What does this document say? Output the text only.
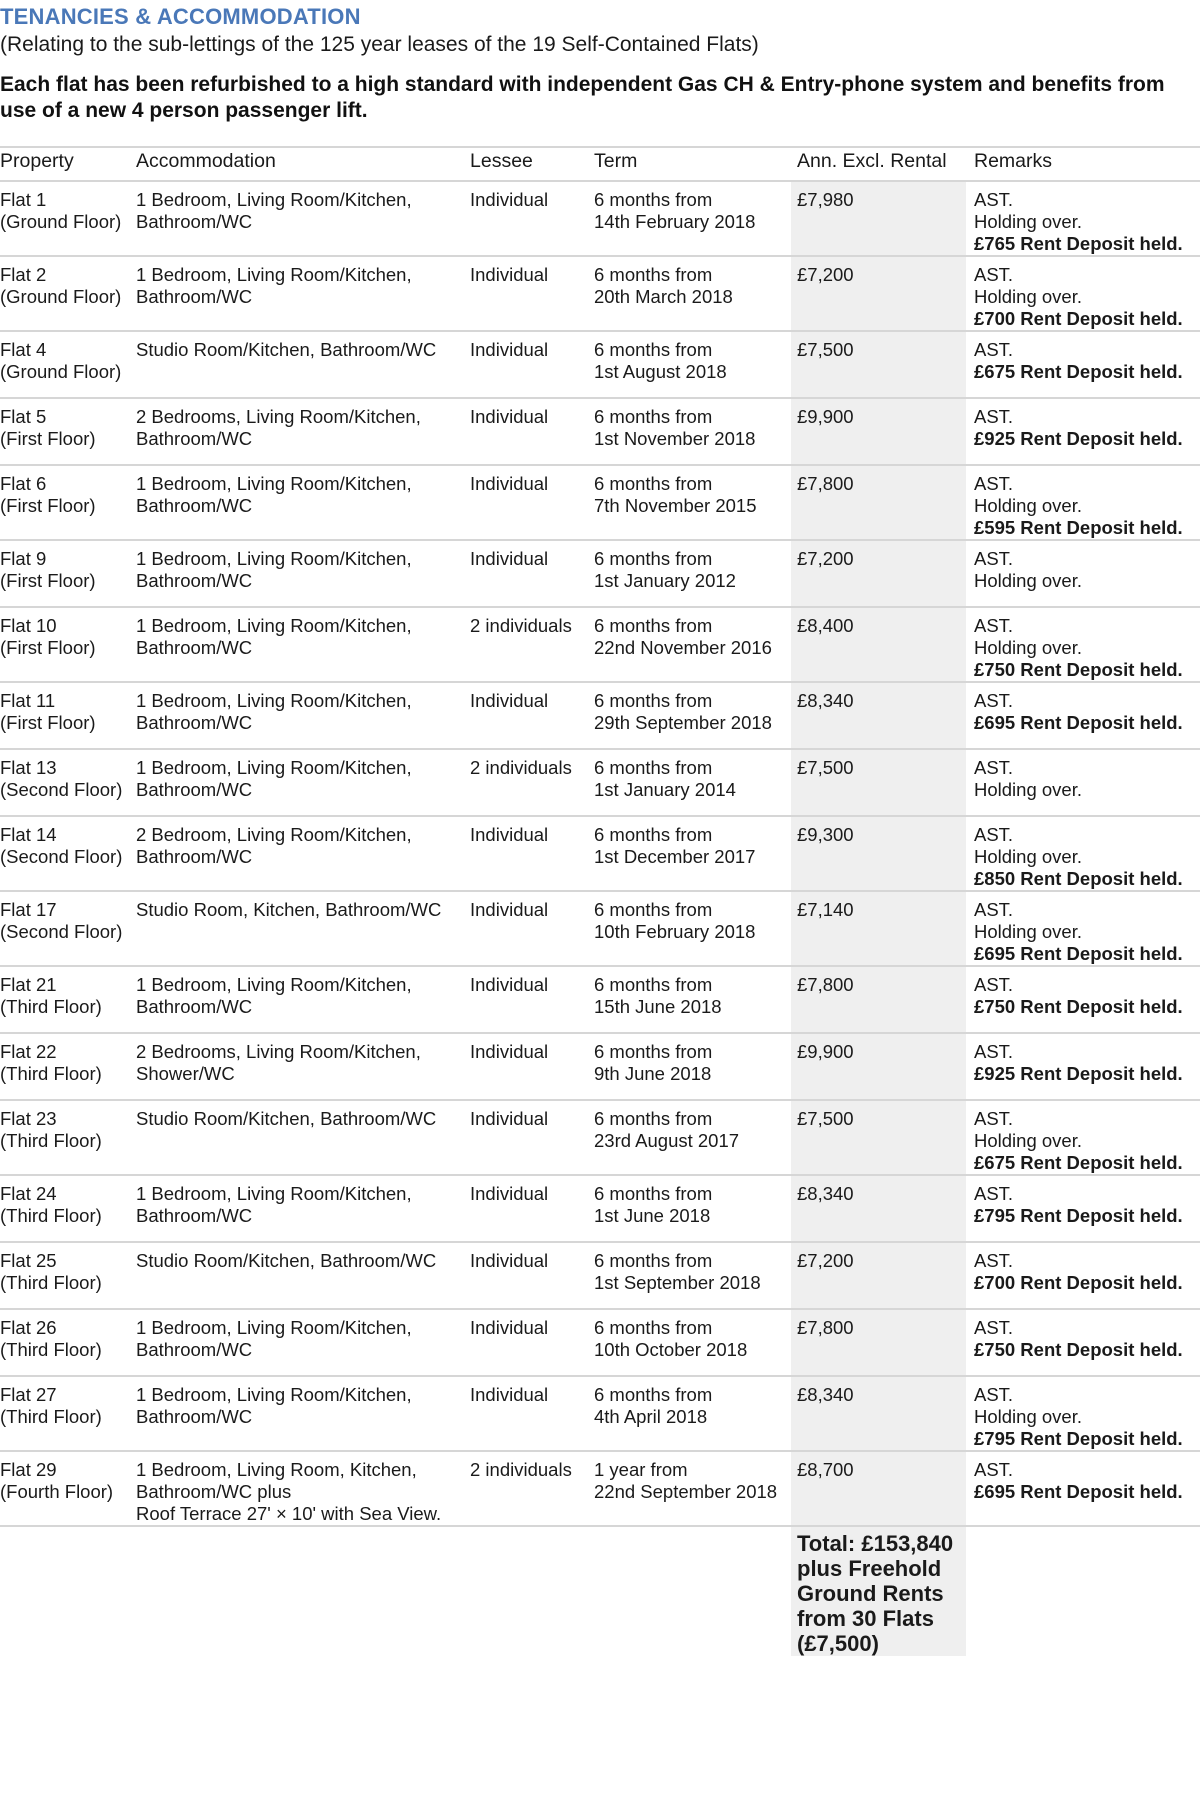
TENANCIES & ACCOMMODATION
(Relating to the sub-lettings of the 125 year leases of the 19 Self-Contained Flats)
Each flat has been refurbished to a high standard with independent Gas CH & Entry-phone system and benefits from use of a new 4 person passenger lift.
Property	Accommodation	Lessee	Term	Ann. Excl. Rental	Remarks

Flat 1
(Ground Floor)	1 Bedroom, Living Room/Kitchen,
Bathroom/WC	Individual	6 months from
14th February 2018	£7,980	AST.
Holding over.
£765 Rent Deposit held.

Flat 2
(Ground Floor)	1 Bedroom, Living Room/Kitchen,
Bathroom/WC	Individual	6 months from
20th March 2018	£7,200	AST.
Holding over.
£700 Rent Deposit held.

Flat 4
(Ground Floor)	Studio Room/Kitchen, Bathroom/WC	Individual	6 months from
1st August 2018	£7,500	AST.
£675 Rent Deposit held.

Flat 5
(First Floor)	2 Bedrooms, Living Room/Kitchen,
Bathroom/WC	Individual	6 months from
1st November 2018	£9,900	AST.
£925 Rent Deposit held.

Flat 6
(First Floor)	1 Bedroom, Living Room/Kitchen,
Bathroom/WC	Individual	6 months from
7th November 2015	£7,800	AST.
Holding over.
£595 Rent Deposit held.

Flat 9
(First Floor)	1 Bedroom, Living Room/Kitchen,
Bathroom/WC	Individual	6 months from
1st January 2012	£7,200	AST.
Holding over.

Flat 10
(First Floor)	1 Bedroom, Living Room/Kitchen,
Bathroom/WC	2 individuals	6 months from
22nd November 2016	£8,400	AST.
Holding over.
£750 Rent Deposit held.

Flat 11
(First Floor)	1 Bedroom, Living Room/Kitchen,
Bathroom/WC	Individual	6 months from
29th September 2018	£8,340	AST.
£695 Rent Deposit held.

Flat 13
(Second Floor)	1 Bedroom, Living Room/Kitchen,
Bathroom/WC	2 individuals	6 months from
1st January 2014	£7,500	AST.
Holding over.

Flat 14
(Second Floor)	2 Bedroom, Living Room/Kitchen,
Bathroom/WC	Individual	6 months from
1st December 2017	£9,300	AST.
Holding over.
£850 Rent Deposit held.

Flat 17
(Second Floor)	Studio Room, Kitchen, Bathroom/WC	Individual	6 months from
10th February 2018	£7,140	AST.
Holding over.
£695 Rent Deposit held.

Flat 21
(Third Floor)	1 Bedroom, Living Room/Kitchen,
Bathroom/WC	Individual	6 months from
15th June 2018	£7,800	AST.
£750 Rent Deposit held.

Flat 22
(Third Floor)	2 Bedrooms, Living Room/Kitchen,
Shower/WC	Individual	6 months from
9th June 2018	£9,900	AST.
£925 Rent Deposit held.

Flat 23
(Third Floor)	Studio Room/Kitchen, Bathroom/WC	Individual	6 months from
23rd August 2017	£7,500	AST.
Holding over.
£675 Rent Deposit held.

Flat 24
(Third Floor)	1 Bedroom, Living Room/Kitchen,
Bathroom/WC	Individual	6 months from
1st June 2018	£8,340	AST.
£795 Rent Deposit held.

Flat 25
(Third Floor)	Studio Room/Kitchen, Bathroom/WC	Individual	6 months from
1st September 2018	£7,200	AST.
£700 Rent Deposit held.

Flat 26
(Third Floor)	1 Bedroom, Living Room/Kitchen,
Bathroom/WC	Individual	6 months from
10th October 2018	£7,800	AST.
£750 Rent Deposit held.

Flat 27
(Third Floor)	1 Bedroom, Living Room/Kitchen,
Bathroom/WC	Individual	6 months from
4th April 2018	£8,340	AST.
Holding over.
£795 Rent Deposit held.

Flat 29
(Fourth Floor)	1 Bedroom, Living Room, Kitchen,
Bathroom/WC plus
Roof Terrace 27' × 10' with Sea View.	2 individuals	1 year from
22nd September 2018	£8,700	AST.
£695 Rent Deposit held.

				Total: £153,840 plus Freehold Ground Rents from 30 Flats (£7,500)	
